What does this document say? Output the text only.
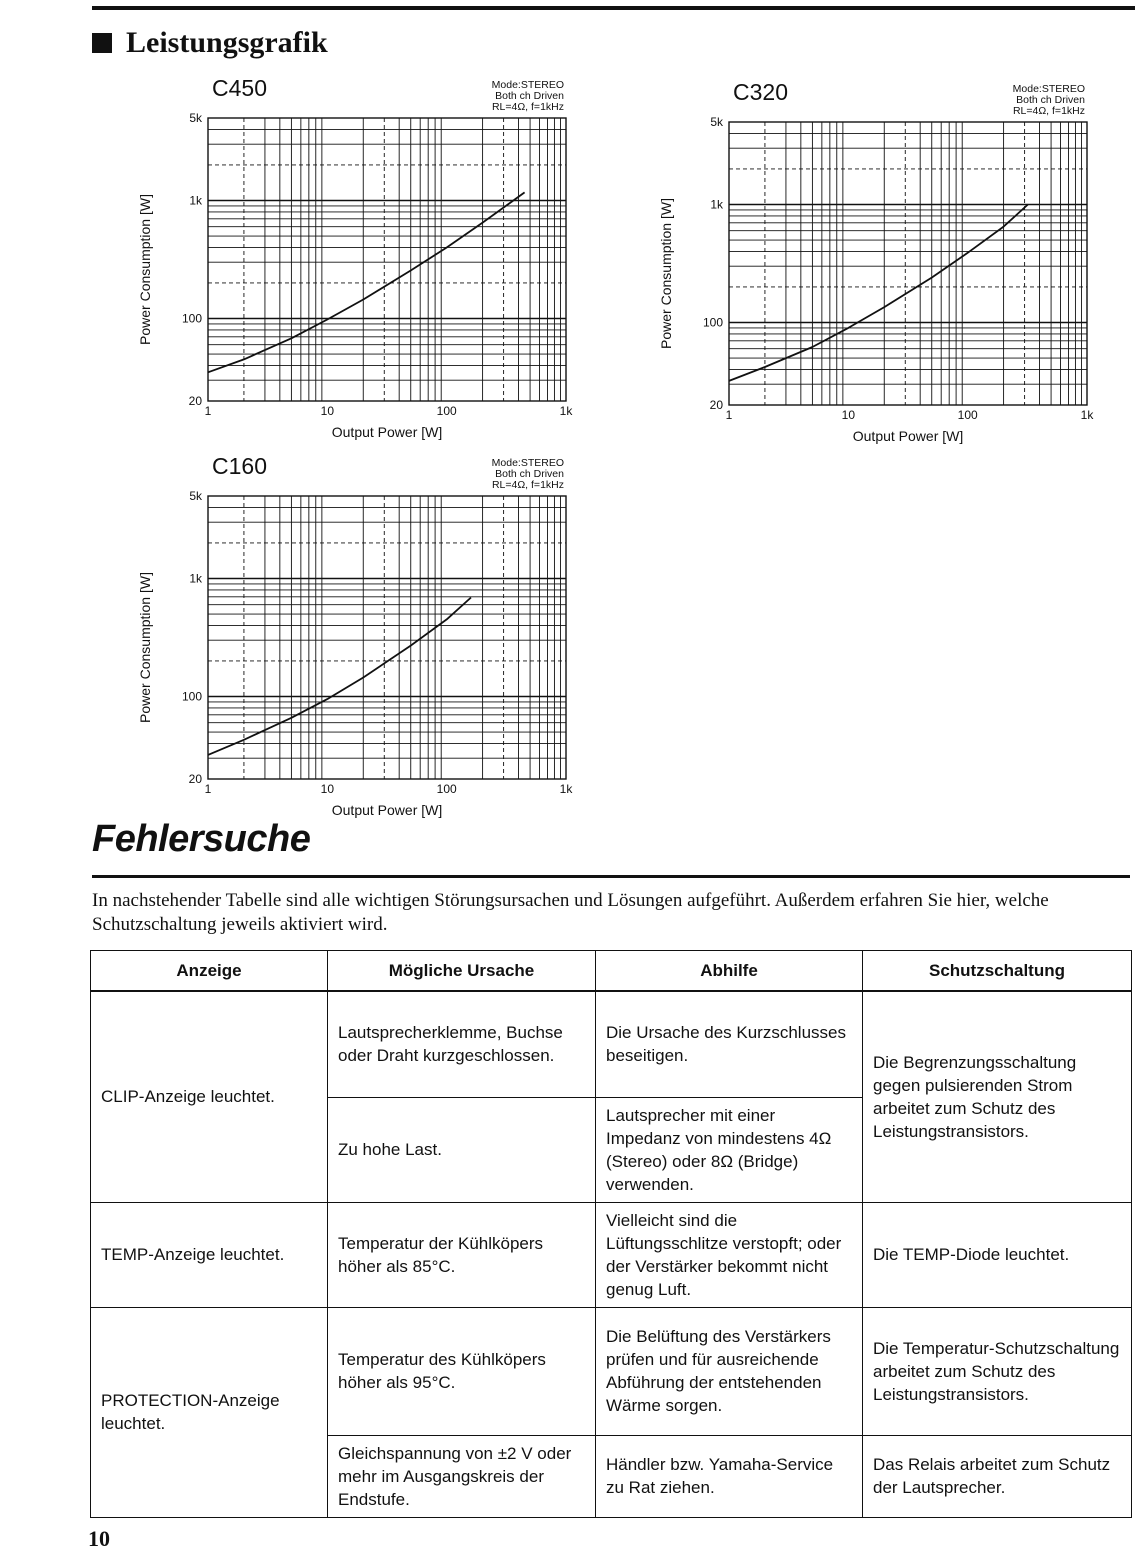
Leistungsgrafik
1	10	100	1k
20
100
1k
5k
C450	Mode:STEREO
Both ch Driven
RL=4Ω, f=1kHz
Output Power [W]
Power Consumption [W]
1	10	100	1k
20
100
1k
5k
C320	Mode:STEREO
Both ch Driven
RL=4Ω, f=1kHz
Output Power [W]
Power Consumption [W]
1	10	100	1k
20
100
1k
5k
C160	Mode:STEREO
Both ch Driven
RL=4Ω, f=1kHz
Output Power [W]
Power Consumption [W]
Fehlersuche
In nachstehender Tabelle sind alle wichtigen Störungsursachen und Lösungen aufgeführt. Außerdem erfahren Sie hier, welche Schutzschaltung jeweils aktiviert wird.
Anzeige	Mögliche Ursache	Abhilfe	Schutzschaltung
CLIP-Anzeige leuchtet.	Lautsprecherklemme, Buchse oder Draht kurzgeschlossen.	Die Ursache des Kurzschlusses beseitigen.	Die Begrenzungsschaltung gegen pulsierenden Strom arbeitet zum Schutz des Leistungstransistors.
	Zu hohe Last.	Lautsprecher mit einer Impedanz von mindestens 4Ω (Stereo) oder 8Ω (Bridge) verwenden.	
TEMP-Anzeige leuchtet.	Temperatur der Kühlköpers höher als 85°C.	Vielleicht sind die Lüftungsschlitze verstopft; oder der Verstärker bekommt nicht genug Luft.	Die TEMP-Diode leuchtet.
PROTECTION-Anzeige leuchtet.	Temperatur des Kühlköpers höher als 95°C.	Die Belüftung des Verstärkers prüfen und für ausreichende Abführung der entstehenden Wärme sorgen.	Die Temperatur-Schutzschaltung arbeitet zum Schutz des Leistungstransistors.
	Gleichspannung von ±2 V oder mehr im Ausgangskreis der Endstufe.	Händler bzw. Yamaha-Service zu Rat ziehen.	Das Relais arbeitet zum Schutz der Lautsprecher.
10
